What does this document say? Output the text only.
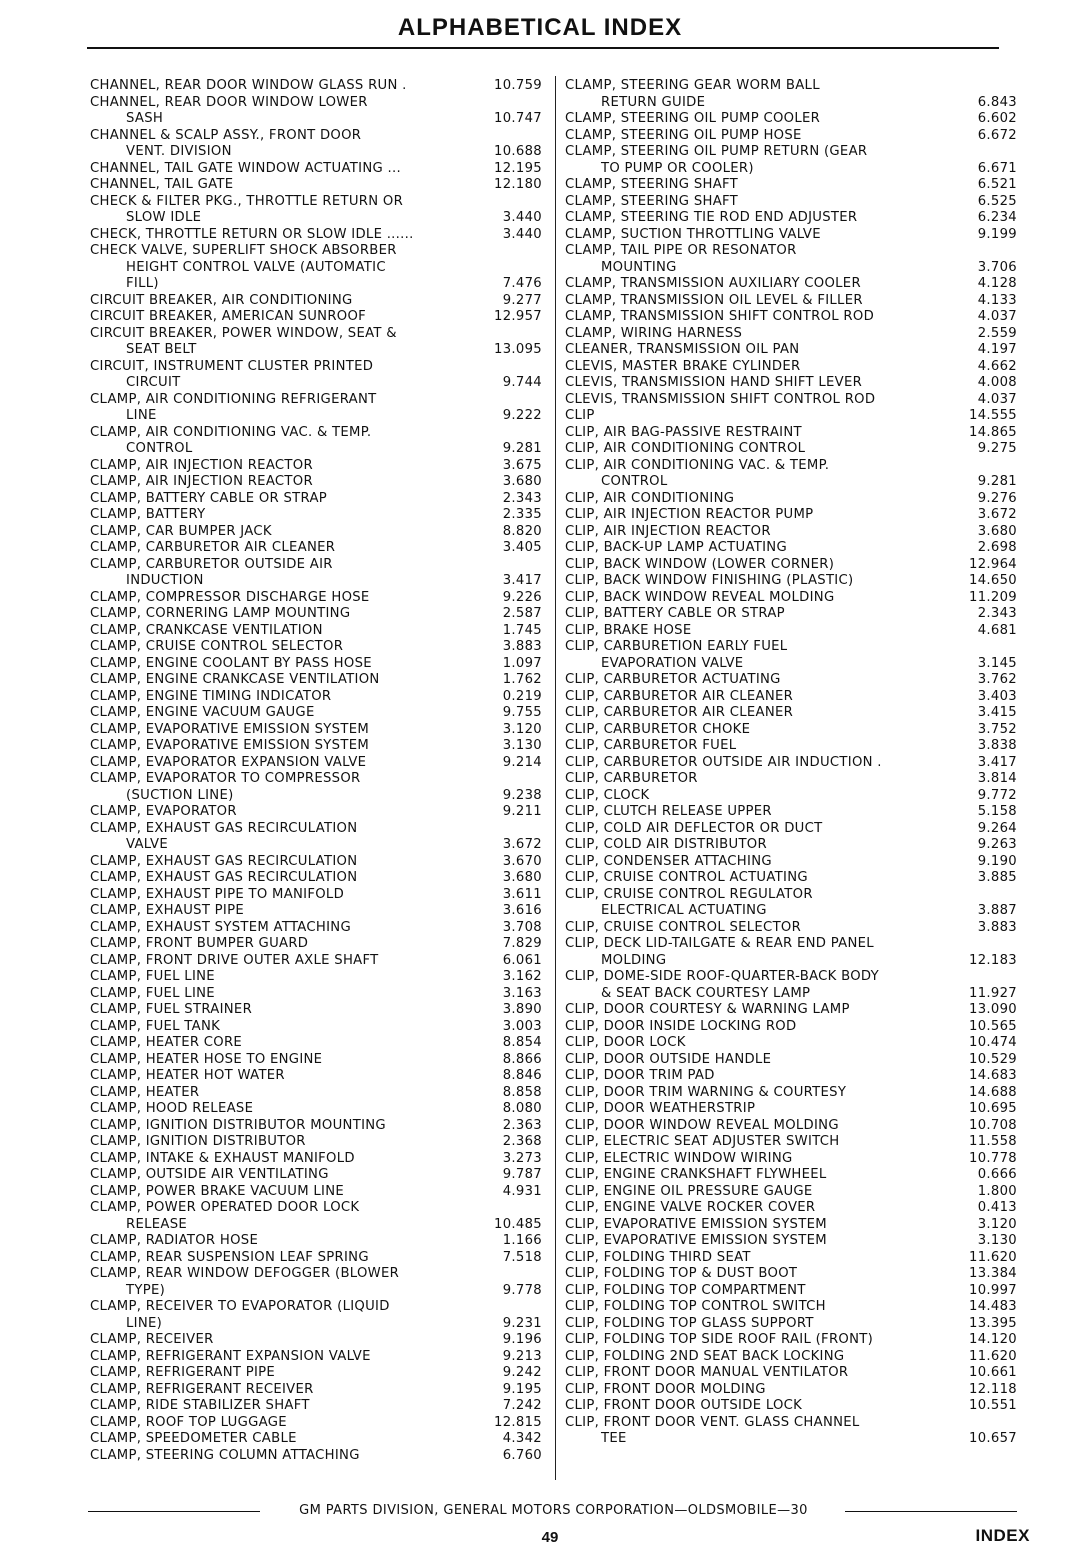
ALPHABETICAL INDEX
CHANNEL, REAR DOOR WINDOW GLASS RUN .	10.759
CHANNEL, REAR DOOR WINDOW LOWER
SASH	10.747
CHANNEL & SCALP ASSY., FRONT DOOR
VENT. DIVISION	10.688
CHANNEL, TAIL GATE WINDOW ACTUATING ...	12.195
CHANNEL, TAIL GATE	12.180
CHECK & FILTER PKG., THROTTLE RETURN OR
SLOW IDLE	3.440
CHECK, THROTTLE RETURN OR SLOW IDLE ......	3.440
CHECK VALVE, SUPERLIFT SHOCK ABSORBER
HEIGHT CONTROL VALVE (AUTOMATIC
FILL)	7.476
CIRCUIT BREAKER, AIR CONDITIONING	9.277
CIRCUIT BREAKER, AMERICAN SUNROOF	12.957
CIRCUIT BREAKER, POWER WINDOW, SEAT &
SEAT BELT	13.095
CIRCUIT, INSTRUMENT CLUSTER PRINTED
CIRCUIT	9.744
CLAMP, AIR CONDITIONING REFRIGERANT
LINE	9.222
CLAMP, AIR CONDITIONING VAC. & TEMP.
CONTROL	9.281
CLAMP, AIR INJECTION REACTOR	3.675
CLAMP, AIR INJECTION REACTOR	3.680
CLAMP, BATTERY CABLE OR STRAP	2.343
CLAMP, BATTERY	2.335
CLAMP, CAR BUMPER JACK	8.820
CLAMP, CARBURETOR AIR CLEANER	3.405
CLAMP, CARBURETOR OUTSIDE AIR
INDUCTION	3.417
CLAMP, COMPRESSOR DISCHARGE HOSE	9.226
CLAMP, CORNERING LAMP MOUNTING	2.587
CLAMP, CRANKCASE VENTILATION	1.745
CLAMP, CRUISE CONTROL SELECTOR	3.883
CLAMP, ENGINE COOLANT BY PASS HOSE	1.097
CLAMP, ENGINE CRANKCASE VENTILATION	1.762
CLAMP, ENGINE TIMING INDICATOR	0.219
CLAMP, ENGINE VACUUM GAUGE	9.755
CLAMP, EVAPORATIVE EMISSION SYSTEM	3.120
CLAMP, EVAPORATIVE EMISSION SYSTEM	3.130
CLAMP, EVAPORATOR EXPANSION VALVE	9.214
CLAMP, EVAPORATOR TO COMPRESSOR
(SUCTION LINE)	9.238
CLAMP, EVAPORATOR	9.211
CLAMP, EXHAUST GAS RECIRCULATION
VALVE	3.672
CLAMP, EXHAUST GAS RECIRCULATION	3.670
CLAMP, EXHAUST GAS RECIRCULATION	3.680
CLAMP, EXHAUST PIPE TO MANIFOLD	3.611
CLAMP, EXHAUST PIPE	3.616
CLAMP, EXHAUST SYSTEM ATTACHING	3.708
CLAMP, FRONT BUMPER GUARD	7.829
CLAMP, FRONT DRIVE OUTER AXLE SHAFT	6.061
CLAMP, FUEL LINE	3.162
CLAMP, FUEL LINE	3.163
CLAMP, FUEL STRAINER	3.890
CLAMP, FUEL TANK	3.003
CLAMP, HEATER CORE	8.854
CLAMP, HEATER HOSE TO ENGINE	8.866
CLAMP, HEATER HOT WATER	8.846
CLAMP, HEATER	8.858
CLAMP, HOOD RELEASE	8.080
CLAMP, IGNITION DISTRIBUTOR MOUNTING	2.363
CLAMP, IGNITION DISTRIBUTOR	2.368
CLAMP, INTAKE & EXHAUST MANIFOLD	3.273
CLAMP, OUTSIDE AIR VENTILATING	9.787
CLAMP, POWER BRAKE VACUUM LINE	4.931
CLAMP, POWER OPERATED DOOR LOCK
RELEASE	10.485
CLAMP, RADIATOR HOSE	1.166
CLAMP, REAR SUSPENSION LEAF SPRING	7.518
CLAMP, REAR WINDOW DEFOGGER (BLOWER
TYPE)	9.778
CLAMP, RECEIVER TO EVAPORATOR (LIQUID
LINE)	9.231
CLAMP, RECEIVER	9.196
CLAMP, REFRIGERANT EXPANSION VALVE	9.213
CLAMP, REFRIGERANT PIPE	9.242
CLAMP, REFRIGERANT RECEIVER	9.195
CLAMP, RIDE STABILIZER SHAFT	7.242
CLAMP, ROOF TOP LUGGAGE	12.815
CLAMP, SPEEDOMETER CABLE	4.342
CLAMP, STEERING COLUMN ATTACHING	6.760
CLAMP, STEERING GEAR WORM BALL
RETURN GUIDE	6.843
CLAMP, STEERING OIL PUMP COOLER	6.602
CLAMP, STEERING OIL PUMP HOSE	6.672
CLAMP, STEERING OIL PUMP RETURN (GEAR
TO PUMP OR COOLER)	6.671
CLAMP, STEERING SHAFT	6.521
CLAMP, STEERING SHAFT	6.525
CLAMP, STEERING TIE ROD END ADJUSTER	6.234
CLAMP, SUCTION THROTTLING VALVE	9.199
CLAMP, TAIL PIPE OR RESONATOR
MOUNTING	3.706
CLAMP, TRANSMISSION AUXILIARY COOLER	4.128
CLAMP, TRANSMISSION OIL LEVEL & FILLER	4.133
CLAMP, TRANSMISSION SHIFT CONTROL ROD	4.037
CLAMP, WIRING HARNESS	2.559
CLEANER, TRANSMISSION OIL PAN	4.197
CLEVIS, MASTER BRAKE CYLINDER	4.662
CLEVIS, TRANSMISSION HAND SHIFT LEVER	4.008
CLEVIS, TRANSMISSION SHIFT CONTROL ROD	4.037
CLIP	14.555
CLIP, AIR BAG-PASSIVE RESTRAINT	14.865
CLIP, AIR CONDITIONING CONTROL	9.275
CLIP, AIR CONDITIONING VAC. & TEMP.
CONTROL	9.281
CLIP, AIR CONDITIONING	9.276
CLIP, AIR INJECTION REACTOR PUMP	3.672
CLIP, AIR INJECTION REACTOR	3.680
CLIP, BACK-UP LAMP ACTUATING	2.698
CLIP, BACK WINDOW (LOWER CORNER)	12.964
CLIP, BACK WINDOW FINISHING (PLASTIC)	14.650
CLIP, BACK WINDOW REVEAL MOLDING	11.209
CLIP, BATTERY CABLE OR STRAP	2.343
CLIP, BRAKE HOSE	4.681
CLIP, CARBURETION EARLY FUEL
EVAPORATION VALVE	3.145
CLIP, CARBURETOR ACTUATING	3.762
CLIP, CARBURETOR AIR CLEANER	3.403
CLIP, CARBURETOR AIR CLEANER	3.415
CLIP, CARBURETOR CHOKE	3.752
CLIP, CARBURETOR FUEL	3.838
CLIP, CARBURETOR OUTSIDE AIR INDUCTION .	3.417
CLIP, CARBURETOR	3.814
CLIP, CLOCK	9.772
CLIP, CLUTCH RELEASE UPPER	5.158
CLIP, COLD AIR DEFLECTOR OR DUCT	9.264
CLIP, COLD AIR DISTRIBUTOR	9.263
CLIP, CONDENSER ATTACHING	9.190
CLIP, CRUISE CONTROL ACTUATING	3.885
CLIP, CRUISE CONTROL REGULATOR
ELECTRICAL ACTUATING	3.887
CLIP, CRUISE CONTROL SELECTOR	3.883
CLIP, DECK LID-TAILGATE & REAR END PANEL
MOLDING	12.183
CLIP, DOME-SIDE ROOF-QUARTER-BACK BODY
& SEAT BACK COURTESY LAMP	11.927
CLIP, DOOR COURTESY & WARNING LAMP	13.090
CLIP, DOOR INSIDE LOCKING ROD	10.565
CLIP, DOOR LOCK	10.474
CLIP, DOOR OUTSIDE HANDLE	10.529
CLIP, DOOR TRIM PAD	14.683
CLIP, DOOR TRIM WARNING & COURTESY	14.688
CLIP, DOOR WEATHERSTRIP	10.695
CLIP, DOOR WINDOW REVEAL MOLDING	10.708
CLIP, ELECTRIC SEAT ADJUSTER SWITCH	11.558
CLIP, ELECTRIC WINDOW WIRING	10.778
CLIP, ENGINE CRANKSHAFT FLYWHEEL	0.666
CLIP, ENGINE OIL PRESSURE GAUGE	1.800
CLIP, ENGINE VALVE ROCKER COVER	0.413
CLIP, EVAPORATIVE EMISSION SYSTEM	3.120
CLIP, EVAPORATIVE EMISSION SYSTEM	3.130
CLIP, FOLDING THIRD SEAT	11.620
CLIP, FOLDING TOP & DUST BOOT	13.384
CLIP, FOLDING TOP COMPARTMENT	10.997
CLIP, FOLDING TOP CONTROL SWITCH	14.483
CLIP, FOLDING TOP GLASS SUPPORT	13.395
CLIP, FOLDING TOP SIDE ROOF RAIL (FRONT)	14.120
CLIP, FOLDING 2ND SEAT BACK LOCKING	11.620
CLIP, FRONT DOOR MANUAL VENTILATOR	10.661
CLIP, FRONT DOOR MOLDING	12.118
CLIP, FRONT DOOR OUTSIDE LOCK	10.551
CLIP, FRONT DOOR VENT. GLASS CHANNEL
TEE	10.657
GM PARTS DIVISION, GENERAL MOTORS CORPORATION—OLDSMOBILE—30
49	INDEX
